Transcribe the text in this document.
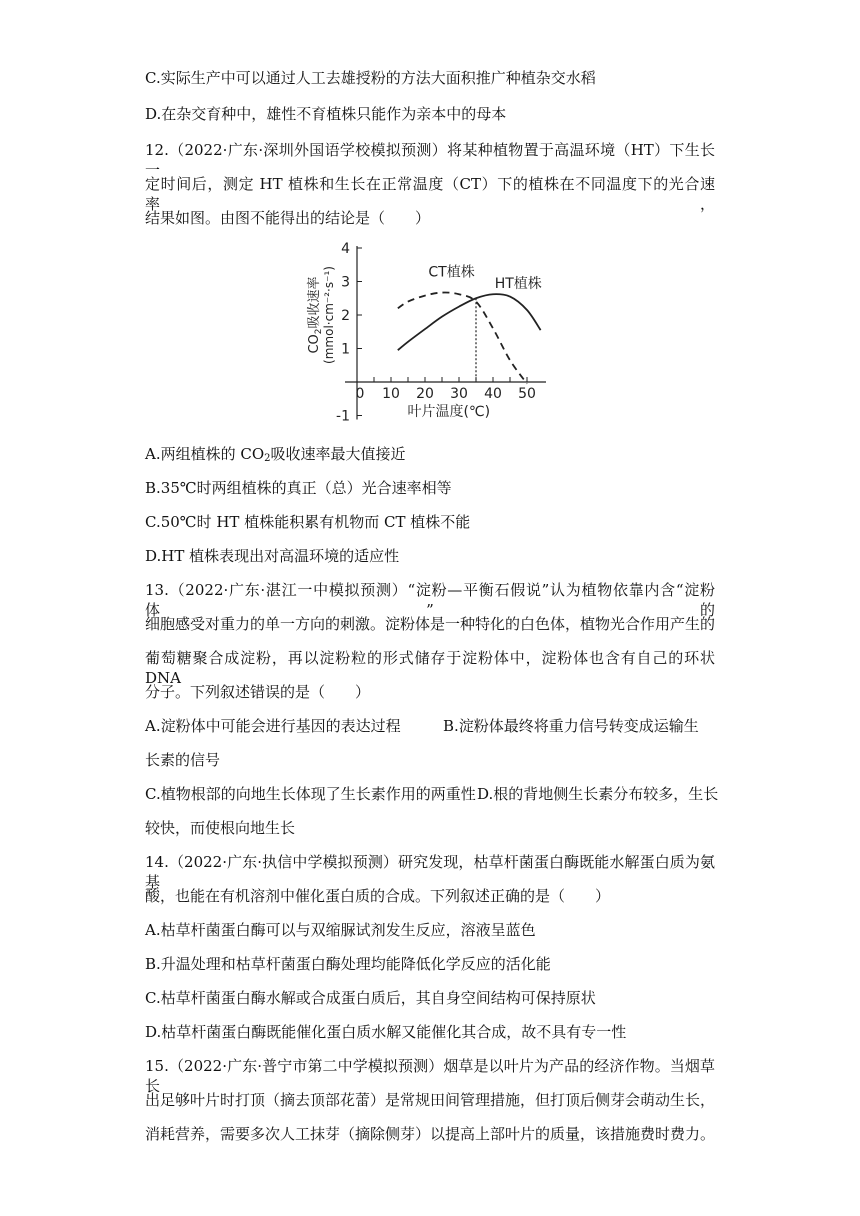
C.实际生产中可以通过人工去雄授粉的方法大面积推广种植杂交水稻
D.在杂交育种中，雄性不育植株只能作为亲本中的母本
12.（2022·广东·深圳外国语学校模拟预测）将某种植物置于高温环境（HT）下生长一
定时间后，测定 HT 植株和生长在正常温度（CT）下的植株在不同温度下的光合速率，
结果如图。由图不能得出的结论是（　　）
-1
1
2
3
4
0 10 20 30 40 50
叶片温度(℃)
$CO_2$吸收速率 (mmol·cm⁻²·s⁻¹)	CT植株
HT植株
A.两组植株的 $CO_2$吸收速率最大值接近
B.35℃时两组植株的真正（总）光合速率相等
C.50℃时 HT 植株能积累有机物而 CT 植株不能
D.HT 植株表现出对高温环境的适应性
13.（2022·广东·湛江一中模拟预测）“淀粉—平衡石假说”认为植物依靠内含“淀粉体”的
细胞感受对重力的单一方向的刺激。淀粉体是一种特化的白色体，植物光合作用产生的
葡萄糖聚合成淀粉，再以淀粉粒的形式储存于淀粉体中，淀粉体也含有自己的环状 DNA
分子。下列叙述错误的是（　　）
A.淀粉体中可能会进行基因的表达过程	B.淀粉体最终将重力信号转变成运输生
长素的信号
C.植物根部的向地生长体现了生长素作用的两重性 D.根的背地侧生长素分布较多，生长
较快，而使根向地生长
14.（2022·广东·执信中学模拟预测）研究发现，枯草杆菌蛋白酶既能水解蛋白质为氨基
酸，也能在有机溶剂中催化蛋白质的合成。下列叙述正确的是（　　）
A.枯草杆菌蛋白酶可以与双缩脲试剂发生反应，溶液呈蓝色
B.升温处理和枯草杆菌蛋白酶处理均能降低化学反应的活化能
C.枯草杆菌蛋白酶水解或合成蛋白质后，其自身空间结构可保持原状
D.枯草杆菌蛋白酶既能催化蛋白质水解又能催化其合成，故不具有专一性
15.（2022·广东·普宁市第二中学模拟预测）烟草是以叶片为产品的经济作物。当烟草长
出足够叶片时打顶（摘去顶部花蕾）是常规田间管理措施，但打顶后侧芽会萌动生长，
消耗营养，需要多次人工抹芽（摘除侧芽）以提高上部叶片的质量，该措施费时费力。
